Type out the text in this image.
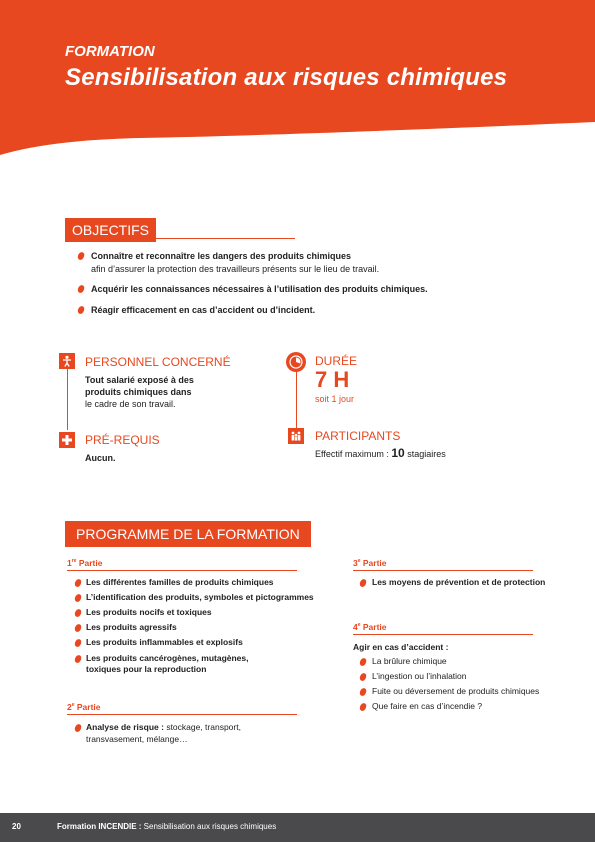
FORMATION
Sensibilisation aux risques chimiques
OBJECTIFS
Connaître et reconnaître les dangers des produits chimiques
afin d’assurer la protection des travailleurs présents sur le lieu de travail.
Acquérir les connaissances nécessaires à l’utilisation des produits chimiques.
Réagir efficacement en cas d’accident ou d’incident.
PERSONNEL CONCERNÉ
Tout salarié exposé à des
produits chimiques dans
le cadre de son travail.
PRÉ-REQUIS
Aucun.
DURÉE
7 H
soit 1 jour
PARTICIPANTS
Effectif maximum : 10 stagiaires
PROGRAMME DE LA FORMATION
1re Partie
Les différentes familles de produits chimiques
L’identification des produits, symboles et pictogrammes
Les produits nocifs et toxiques
Les produits agressifs
Les produits inflammables et explosifs
Les produits cancérogènes, mutagènes,
toxiques pour la reproduction
2e Partie
Analyse de risque : stockage, transport,
transvasement, mélange…
3e Partie
Les moyens de prévention et de protection
4e Partie
Agir en cas d’accident :
La brûlure chimique
L’ingestion ou l’inhalation
Fuite ou déversement de produits chimiques
Que faire en cas d’incendie ?
20	Formation INCENDIE : Sensibilisation aux risques chimiques
